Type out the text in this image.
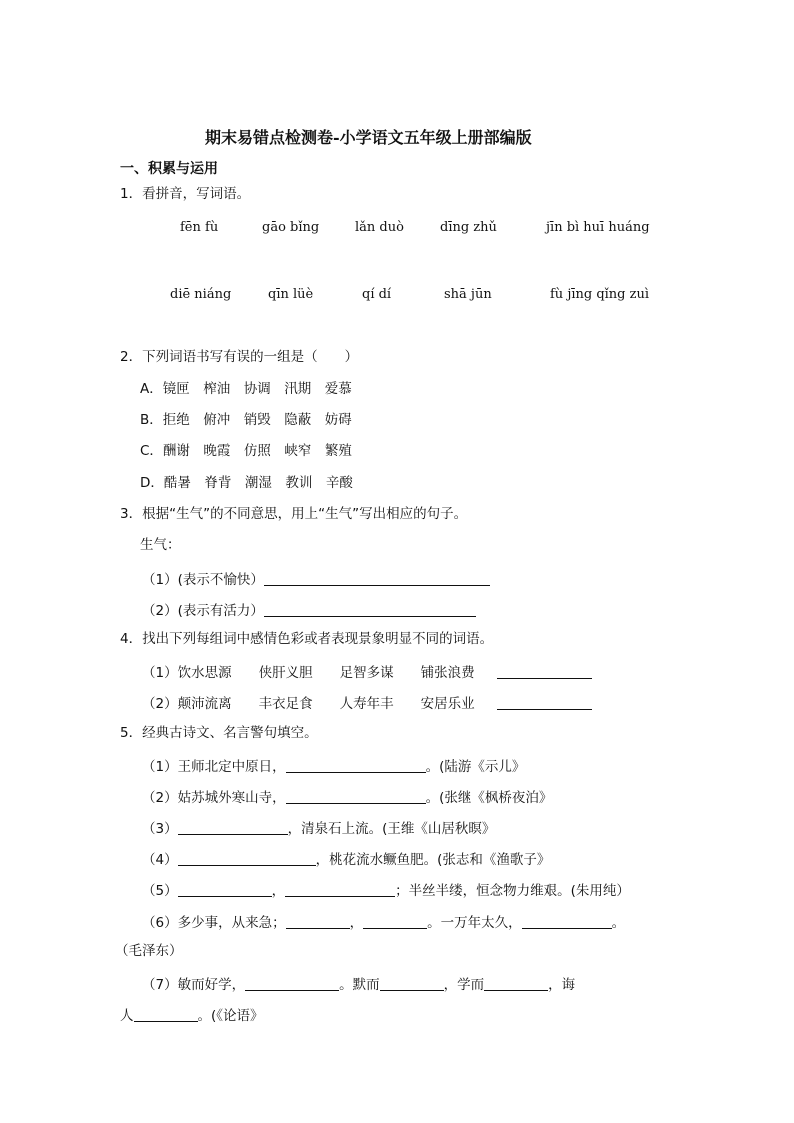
期末易错点检测卷-小学语文五年级上册部编版
一、积累与运用
1．看拼音，写词语。
fēn fù	gāo bǐng	lǎn duò	dīng zhǔ	jīn bì huī huáng
diē niáng	qīn lüè	qí dí	shā jūn	fù jīng qǐng zuì
2．下列词语书写有误的一组是（　　）
A．镜匣　榨油　协调　汛期　爱慕
B．拒绝　俯冲　销毁　隐蔽　妨碍
C．酬谢　晚霞　仿照　峡窄　繁殖
D．酷暑　脊背　潮湿　教训　辛酸
3．根据“生气”的不同意思，用上“生气”写出相应的句子。
生气：
（1）(表示不愉快）
（2）(表示有活力）
4．找出下列每组词中感情色彩或者表现景象明显不同的词语。
（1）饮水思源　　侠肝义胆　　足智多谋　　铺张浪费
（2）颠沛流离　　丰衣足食　　人寿年丰　　安居乐业
5．经典古诗文、名言警句填空。
（1）王师北定中原日，	。(陆游《示儿》
（2）姑苏城外寒山寺，	。(张继《枫桥夜泊》
（3）	，清泉石上流。(王维《山居秋暝》
（4）	，桃花流水鳜鱼肥。(张志和《渔歌子》
（5）	，	；半丝半缕，恒念物力维艰。(朱用纯）
（6）多少事，从来急；	，	。一万年太久，	。
（毛泽东）
（7）敏而好学，	。默而	，学而	，诲
人	。(《论语》
